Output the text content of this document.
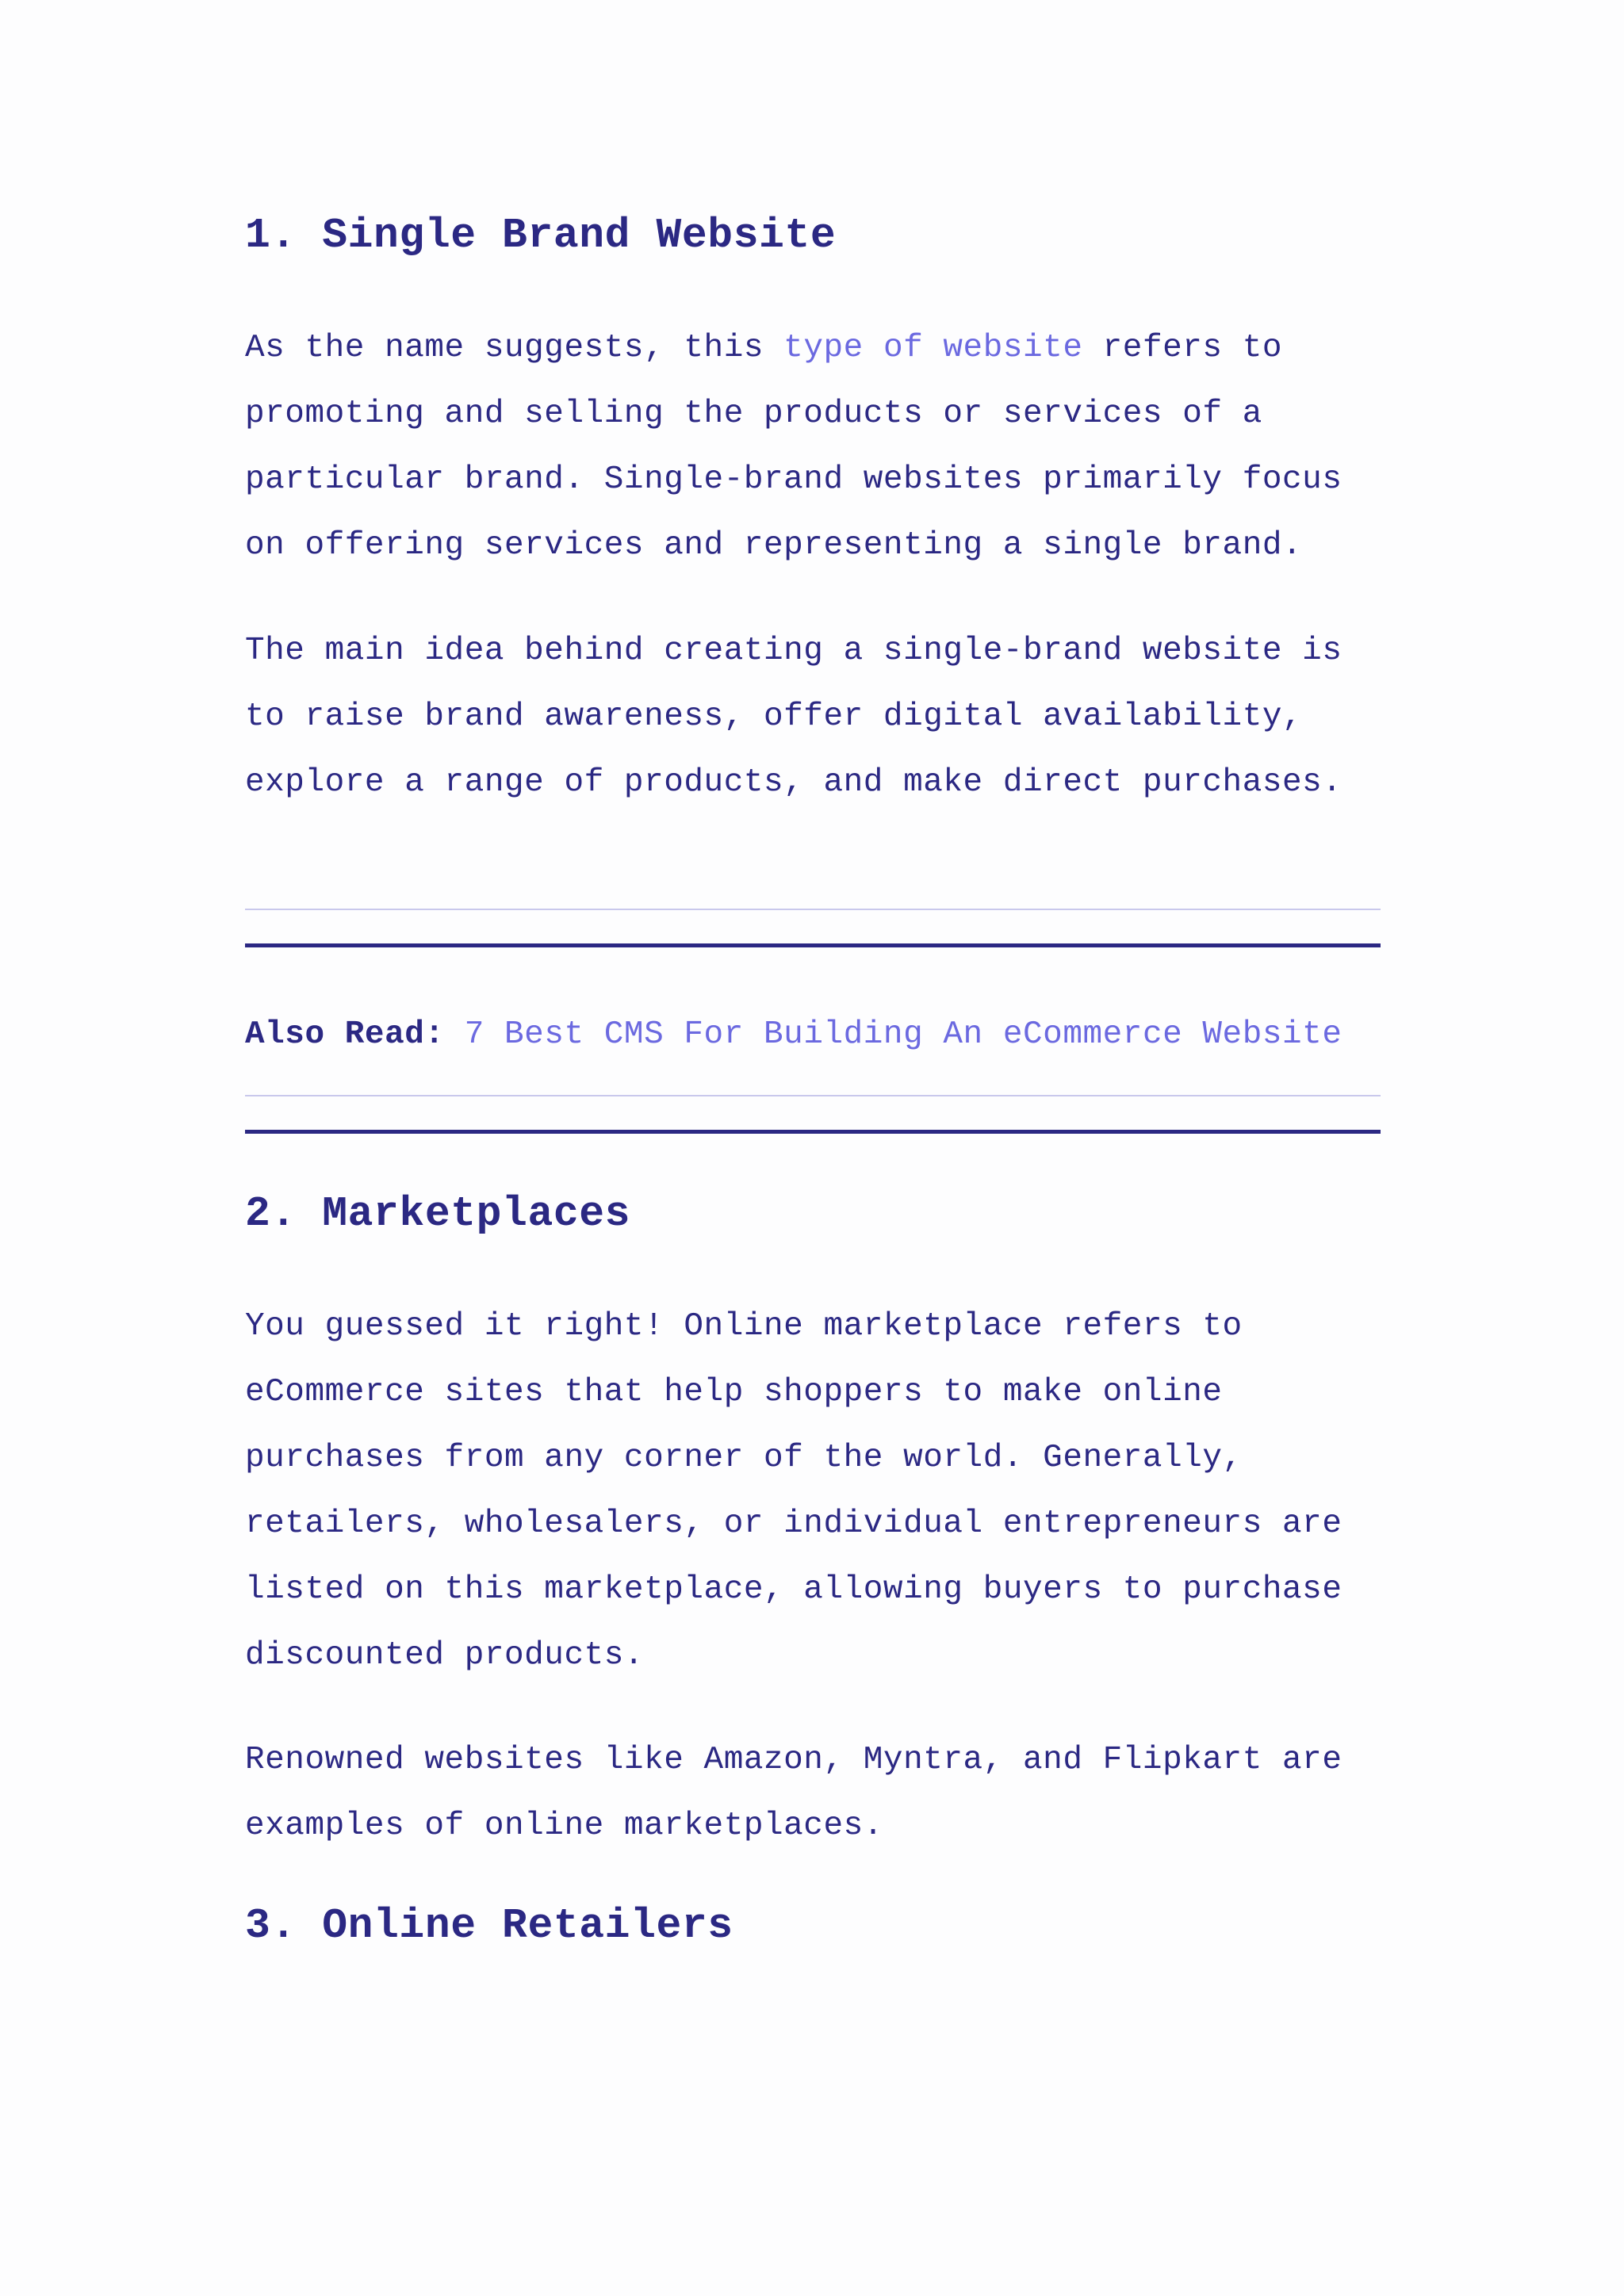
1. Single Brand Website

As the name suggests, this type of website refers to promoting and selling the products or services of a particular brand. Single-brand websites primarily focus on offering services and representing a single brand.

The main idea behind creating a single-brand website is to raise brand awareness, offer digital availability, explore a range of products, and make direct purchases.

Also Read: 7 Best CMS For Building An eCommerce Website
2. Marketplaces

You guessed it right! Online marketplace refers to eCommerce sites that help shoppers to make online purchases from any corner of the world. Generally, retailers, wholesalers, or individual entrepreneurs are listed on this marketplace, allowing buyers to purchase discounted products.

Renowned websites like Amazon, Myntra, and Flipkart are examples of online marketplaces.

3. Online Retailers
